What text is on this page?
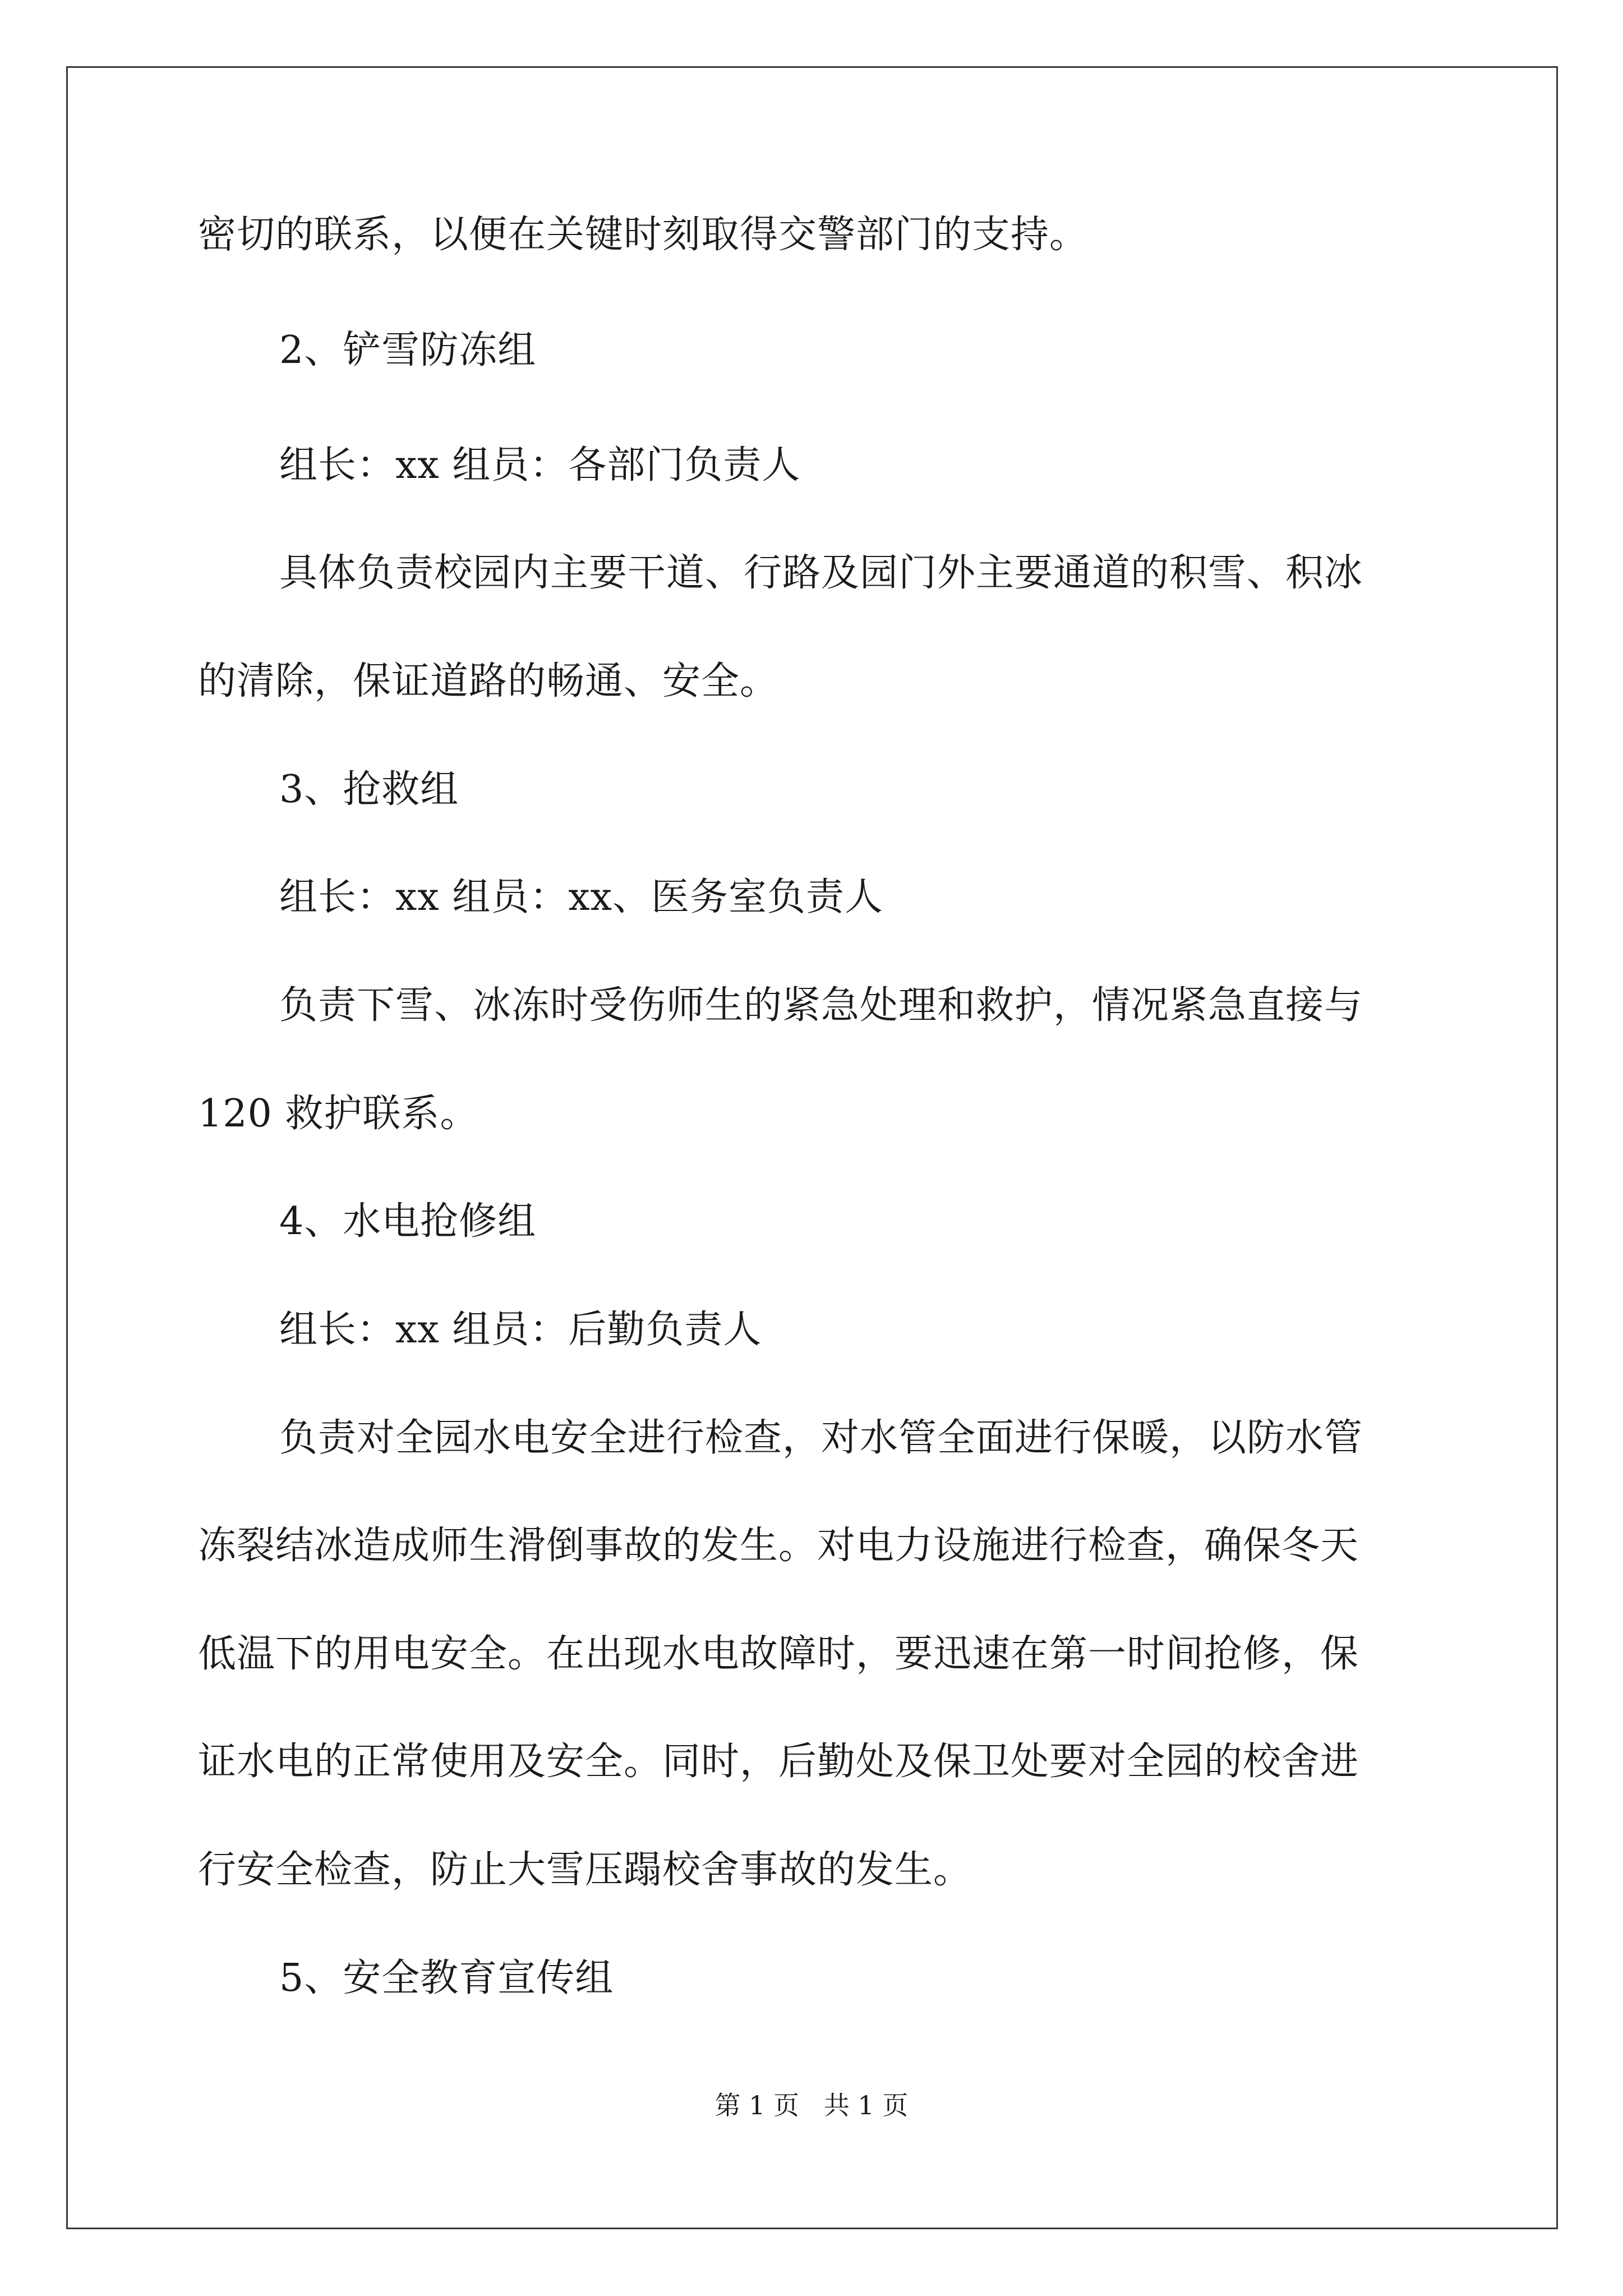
密切的联系，以便在关键时刻取得交警部门的支持。
2、铲雪防冻组
组长：xx 组员：各部门负责人
具体负责校园内主要干道、行路及园门外主要通道的积雪、积冰
的清除，保证道路的畅通、安全。
3、抢救组
组长：xx 组员：xx、医务室负责人
负责下雪、冰冻时受伤师生的紧急处理和救护，情况紧急直接与
120 救护联系。
4、水电抢修组
组长：xx 组员：后勤负责人
负责对全园水电安全进行检查，对水管全面进行保暖，以防水管
冻裂结冰造成师生滑倒事故的发生。对电力设施进行检查，确保冬天
低温下的用电安全。在出现水电故障时，要迅速在第一时间抢修，保
证水电的正常使用及安全。同时，后勤处及保卫处要对全园的校舍进
行安全检查，防止大雪压蹋校舍事故的发生。
5、安全教育宣传组
第 1 页   共 1 页
